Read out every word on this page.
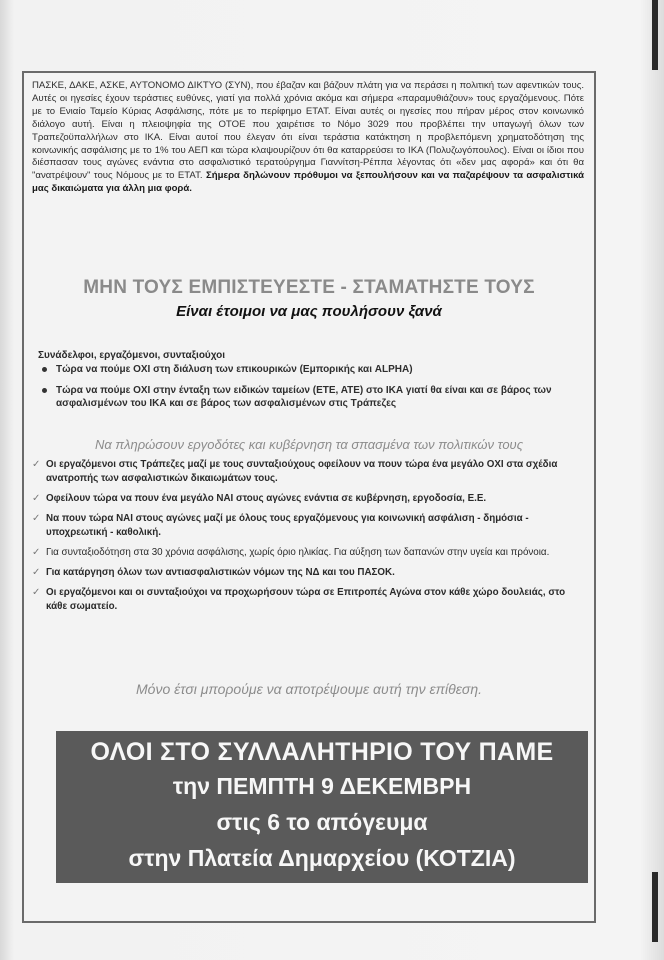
ΠΑΣΚΕ, ΔΑΚΕ, ΑΣΚΕ, ΑΥΤΟΝΟΜΟ ΔΙΚΤΥΟ (ΣΥΝ), που έβαζαν και βάζουν πλάτη για να περάσει η πολιτική των αφεντικών τους. Αυτές οι ηγεσίες έχουν τεράστιες ευθύνες, γιατί για πολλά χρόνια ακόμα και σήμερα «παραμυθιάζουν» τους εργαζόμενους. Πότε με το Ενιαίο Ταμείο Κύριας Ασφάλισης, πότε με το περίφημο ΕΤΑΤ. Είναι αυτές οι ηγεσίες που πήραν μέρος στον κοινωνικό διάλογο αυτή. Είναι η πλειοψηφία της ΟΤΟΕ που χαιρέτισε το Νόμο 3029 που προβλέπει την υπαγωγή όλων των Τραπεζοϋπαλλήλων στο ΙΚΑ. Είναι αυτοί που έλεγαν ότι είναι τεράστια κατάκτηση η προβλεπόμενη χρηματοδότηση της κοινωνικής ασφάλισης με το 1% του ΑΕΠ και τώρα κλαψουρίζουν ότι θα καταρρεύσει το ΙΚΑ (Πολυζωγόπουλος). Είναι οι ίδιοι που διέσπασαν τους αγώνες ενάντια στο ασφαλιστικό τερατούργημα Γιαννίτση-Ρέππα λέγοντας ότι «δεν μας αφορά» και ότι θα "ανατρέψουν" τους Νόμους με το ΕΤΑΤ. Σήμερα δηλώνουν πρόθυμοι να ξεπουλήσουν και να παζαρέψουν τα ασφαλιστικά μας δικαιώματα για άλλη μια φορά.

ΜΗΝ ΤΟΥΣ ΕΜΠΙΣΤΕΥΕΣΤΕ - ΣΤΑΜΑΤΗΣΤΕ ΤΟΥΣ
Είναι έτοιμοι να μας πουλήσουν ξανά

Συνάδελφοι, εργαζόμενοι, συνταξιούχοι

Τώρα να πούμε ΟΧΙ στη διάλυση των επικουρικών (Εμπορικής και ALPHA)
Τώρα να πούμε ΟΧΙ στην ένταξη των ειδικών ταμείων (ΕΤΕ, ΑΤΕ) στο ΙΚΑ γιατί θα είναι και σε βάρος των ασφαλισμένων του ΙΚΑ και σε βάρος των ασφαλισμένων στις Τράπεζες

Να πληρώσουν εργοδότες και κυβέρνηση τα σπασμένα των πολιτικών τους

✓ Οι εργαζόμενοι στις Τράπεζες μαζί με τους συνταξιούχους οφείλουν να πουν τώρα ένα μεγάλο ΟΧΙ στα σχέδια ανατροπής των ασφαλιστικών δικαιωμάτων τους.
✓ Οφείλουν τώρα να πουν ένα μεγάλο ΝΑΙ στους αγώνες ενάντια σε κυβέρνηση, εργοδοσία, Ε.Ε.
✓ Να πουν τώρα ΝΑΙ στους αγώνες μαζί με όλους τους εργαζόμενους για κοινωνική ασφάλιση - δημόσια - υποχρεωτική - καθολική.
✓ Για συνταξιοδότηση στα 30 χρόνια ασφάλισης, χωρίς όριο ηλικίας. Για αύξηση των δαπανών στην υγεία και πρόνοια.
✓ Για κατάργηση όλων των αντιασφαλιστικών νόμων της ΝΔ και του ΠΑΣΟΚ.
✓ Οι εργαζόμενοι και οι συνταξιούχοι να προχωρήσουν τώρα σε Επιτροπές Αγώνα στον κάθε χώρο δουλειάς, στο κάθε σωματείο.

Μόνο έτσι μπορούμε να αποτρέψουμε αυτή την επίθεση.

ΟΛΟΙ ΣΤΟ ΣΥΛΛΑΛΗΤΗΡΙΟ ΤΟΥ ΠΑΜΕ
την ΠΕΜΠΤΗ 9 ΔΕΚΕΜΒΡΗ
στις 6 το απόγευμα
στην Πλατεία Δημαρχείου (ΚΟΤΖΙΑ)
